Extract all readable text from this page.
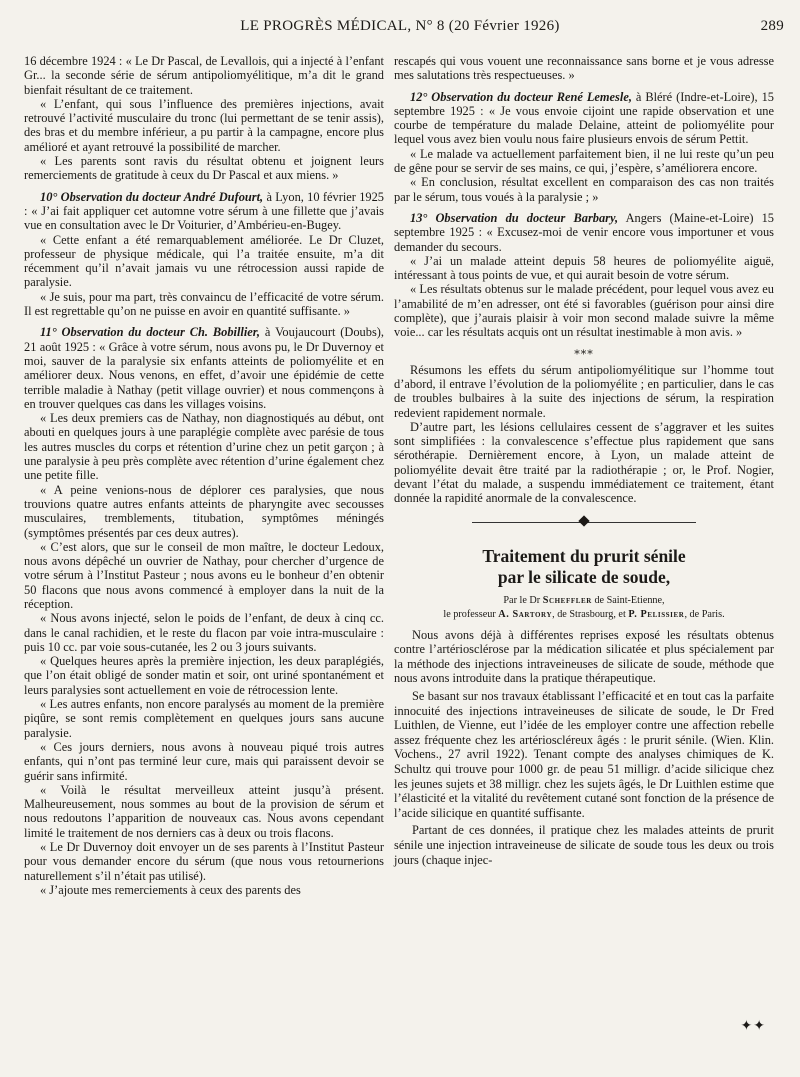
LE PROGRÈS MÉDICAL, N° 8 (20 Février 1926)	289

16 décembre 1924 : « Le Dr Pascal, de Levallois, qui a injecté à l’enfant Gr... la seconde série de sérum antipoliomyélitique, m’a dit le grand bienfait résultant de ce traitement.

« L’enfant, qui sous l’influence des premières injections, avait retrouvé l’activité musculaire du tronc (lui permettant de se tenir assis), des bras et du membre inférieur, a pu partir à la campagne, encore plus amélioré et ayant retrouvé la possibilité de marcher.

« Les parents sont ravis du résultat obtenu et joignent leurs remerciements de gratitude à ceux du Dr Pascal et aux miens. »

10° Observation du docteur André Dufourt, à Lyon, 10 février 1925 : « J’ai fait appliquer cet automne votre sérum à une fillette que j’avais vue en consultation avec le Dr Voiturier, d’Ambérieu-en-Bugey.

« Cette enfant a été remarquablement améliorée. Le Dr Cluzet, professeur de physique médicale, qui l’a traitée ensuite, m’a dit récemment qu’il n’avait jamais vu une rétrocession aussi rapide de paralysie.

« Je suis, pour ma part, très convaincu de l’efficacité de votre sérum. Il est regrettable qu’on ne puisse en avoir en quantité suffisante. »

11° Observation du docteur Ch. Bobillier, à Voujaucourt (Doubs), 21 août 1925 : « Grâce à votre sérum, nous avons pu, le Dr Duvernoy et moi, sauver de la paralysie six enfants atteints de poliomyélite et en améliorer deux. Nous venons, en effet, d’avoir une épidémie de cette terrible maladie à Nathay (petit village ouvrier) et nous commençons à en trouver quelques cas dans les villages voisins.

« Les deux premiers cas de Nathay, non diagnostiqués au début, ont abouti en quelques jours à une paraplégie complète avec parésie de tous les autres muscles du corps et rétention d’urine chez un petit garçon ; à une paralysie à peu près complète avec rétention d’urine également chez une petite fille.

« A peine venions-nous de déplorer ces paralysies, que nous trouvions quatre autres enfants atteints de pharyngite avec secousses musculaires, tremblements, titubation, symptômes méningés (symptômes présentés par ces deux autres).

« C’est alors, que sur le conseil de mon maître, le docteur Ledoux, nous avons dépêché un ouvrier de Nathay, pour chercher d’urgence de votre sérum à l’Institut Pasteur ; nous avons eu le bonheur d’en obtenir 50 flacons que nous avons commencé à employer dans la nuit de la réception.

« Nous avons injecté, selon le poids de l’enfant, de deux à cinq cc. dans le canal rachidien, et le reste du flacon par voie intra-musculaire : puis 10 cc. par voie sous-cutanée, les 2 ou 3 jours suivants.

« Quelques heures après la première injection, les deux paraplégiés, que l’on était obligé de sonder matin et soir, ont uriné spontanément et leurs paralysies sont actuellement en voie de rétrocession lente.

« Les autres enfants, non encore paralysés au moment de la première piqûre, se sont remis complètement en quelques jours sans aucune paralysie.

« Ces jours derniers, nous avons à nouveau piqué trois autres enfants, qui n’ont pas terminé leur cure, mais qui paraissent devoir se guérir sans infirmité.

« Voilà le résultat merveilleux atteint jusqu’à présent. Malheureusement, nous sommes au bout de la provision de sérum et nous redoutons l’apparition de nouveaux cas. Nous avons cependant limité le traitement de nos derniers cas à deux ou trois flacons.

« Le Dr Duvernoy doit envoyer un de ses parents à l’Institut Pasteur pour vous demander encore du sérum (que nous vous retournerions naturellement s’il n’était pas utilisé).

« J’ajoute mes remerciements à ceux des parents des

rescapés qui vous vouent une reconnaissance sans borne et je vous adresse mes salutations très respectueuses. »

12° Observation du docteur René Lemesle, à Bléré (Indre-et-Loire), 15 septembre 1925 : « Je vous envoie cijoint une rapide observation et une courbe de température du malade Delaine, atteint de poliomyélite pour lequel vous avez bien voulu nous faire plusieurs envois de sérum Pettit.

« Le malade va actuellement parfaitement bien, il ne lui reste qu’un peu de gêne pour se servir de ses mains, ce qui, j’espère, s’améliorera encore.

« En conclusion, résultat excellent en comparaison des cas non traités par le sérum, tous voués à la paralysie ; »

13° Observation du docteur Barbary, Angers (Maine-et-Loire) 15 septembre 1925 : « Excusez-moi de venir encore vous importuner et vous demander du secours.

« J’ai un malade atteint depuis 58 heures de poliomyélite aiguë, intéressant à tous points de vue, et qui aurait besoin de votre sérum.

« Les résultats obtenus sur le malade précédent, pour lequel vous avez eu l’amabilité de m’en adresser, ont été si favorables (guérison pour ainsi dire complète), que j’aurais plaisir à voir mon second malade suivre la même voie... car les résultats acquis ont un résultat inestimable à mon avis. »

⁎⁎⁎

Résumons les effets du sérum antipoliomyélitique sur l’homme tout d’abord, il entrave l’évolution de la poliomyélite ; en particulier, dans le cas de troubles bulbaires à la suite des injections de sérum, la respiration redevient rapidement normale.

D’autre part, les lésions cellulaires cessent de s’aggraver et les suites sont simplifiées : la convalescence s’effectue plus rapidement que sans sérothérapie. Dernièrement encore, à Lyon, un malade atteint de poliomyélite devait être traité par la radiothérapie ; or, le Prof. Nogier, devant l’état du malade, a suspendu immédiatement ce traitement, étant donnée la rapidité anormale de la convalescence.

Traitement du prurit sénile
par le silicate de soude,
Par le Dr Scheffler de Saint-Etienne,
le professeur A. Sartory, de Strasbourg, et P. Pelissier, de Paris.

Nous avons déjà à différentes reprises exposé les résultats obtenus contre l’artériosclérose par la médication silicatée et plus spécialement par la méthode des injections intraveineuses de silicate de soude, méthode que nous avons introduite dans la pratique thérapeutique.

Se basant sur nos travaux établissant l’efficacité et en tout cas la parfaite innocuité des injections intraveineuses de silicate de soude, le Dr Fred Luithlen, de Vienne, eut l’idée de les employer contre une affection rebelle assez fréquente chez les artérioscléreux âgés : le prurit sénile. (Wien. Klin. Vochens., 27 avril 1922). Tenant compte des analyses chimiques de K. Schultz qui trouve pour 1000 gr. de peau 51 milligr. d’acide silicique chez les jeunes sujets et 38 milligr. chez les sujets âgés, le Dr Luithlen estime que l’élasticité et la vitalité du revêtement cutané sont fonction de la présence de l’acide silicique en quantité suffisante.

Partant de ces données, il pratique chez les malades atteints de prurit sénile une injection intraveineuse de silicate de soude tous les deux ou trois jours (chaque injec-

✦✦
